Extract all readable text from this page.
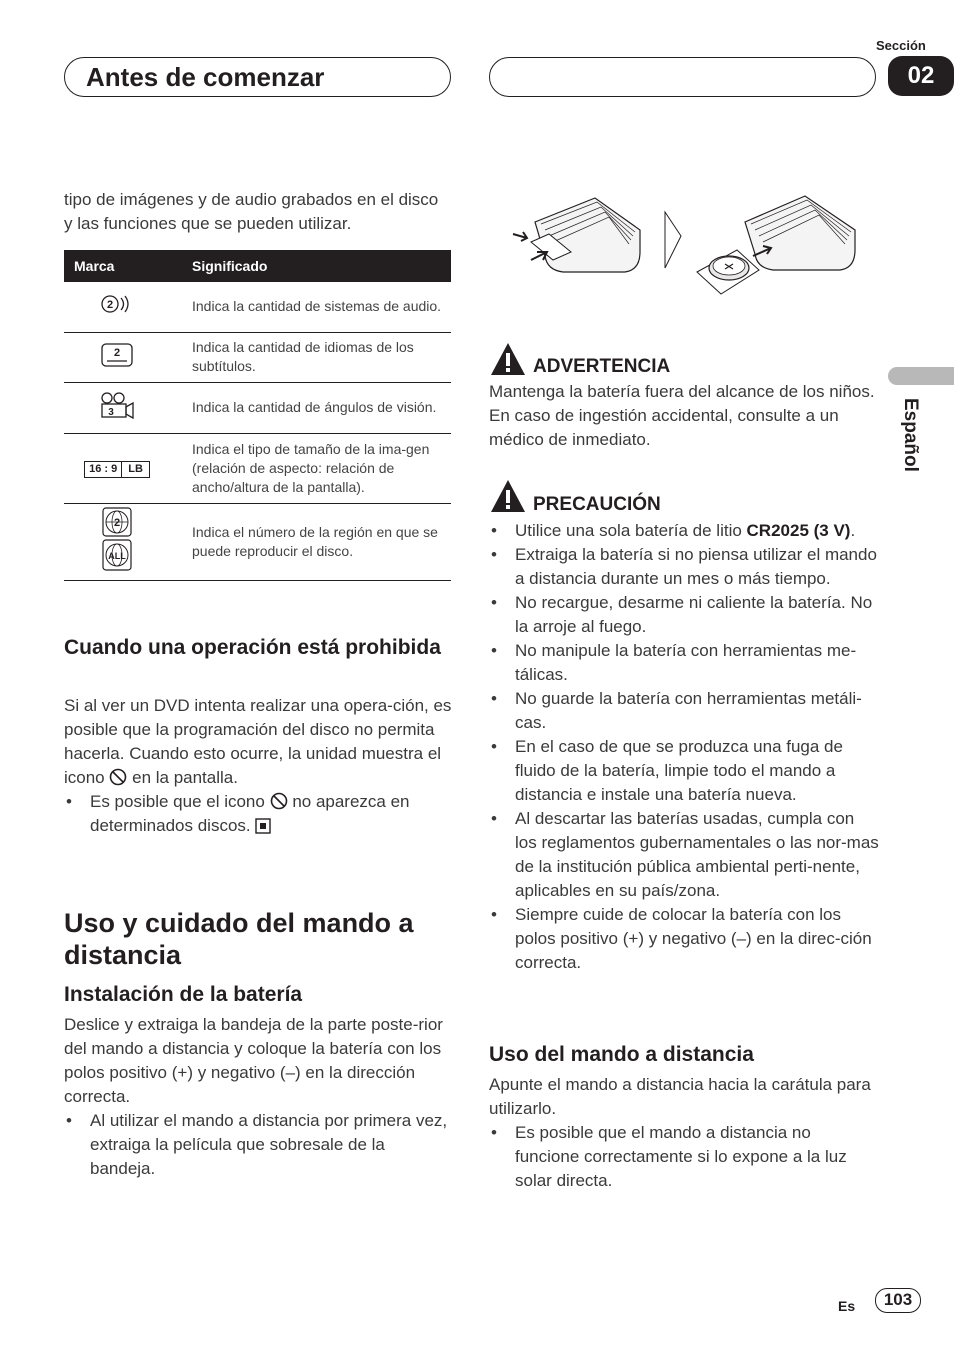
Antes de comenzar
Sección
02
tipo de imágenes y de audio grabados en el disco y las funciones que se pueden utilizar.
Marca	Significado

2	Indica la cantidad de sistemas de audio.

2	Indica la cantidad de idiomas de los subtítulos.

3	Indica la cantidad de ángulos de visión.

16 : 9 LB	Indica el tipo de tamaño de la ima-gen (relación de aspecto: relación de ancho/altura de la pantalla).

2
ALL	Indica el número de la región en que se puede reproducir el disco.
Cuando una operación está prohibida

Si al ver un DVD intenta realizar una opera-ción, es posible que la programación del disco no permita hacerla. Cuando esto ocurre, la unidad muestra el icono en la pantalla.

• Es posible que el icono no aparezca en determinados discos.
Uso y cuidado del mando a distancia
Instalación de la batería

Deslice y extraiga la bandeja de la parte poste-rior del mando a distancia y coloque la batería con los polos positivo (+) y negativo (–) en la dirección correcta.

• Al utilizar el mando a distancia por primera vez, extraiga la película que sobresale de la bandeja.
ADVERTENCIA
Mantenga la batería fuera del alcance de los niños. En caso de ingestión accidental, consulte a un médico de inmediato.
PRECAUCIÓN
• Utilice una sola batería de litio CR2025 (3 V).
• Extraiga la batería si no piensa utilizar el mando a distancia durante un mes o más tiempo.
• No recargue, desarme ni caliente la batería. No la arroje al fuego.
• No manipule la batería con herramientas me-tálicas.
• No guarde la batería con herramientas metáli-cas.
• En el caso de que se produzca una fuga de fluido de la batería, limpie todo el mando a distancia e instale una batería nueva.
• Al descartar las baterías usadas, cumpla con los reglamentos gubernamentales o las nor-mas de la institución pública ambiental perti-nente, aplicables en su país/zona.
• Siempre cuide de colocar la batería con los polos positivo (+) y negativo (–) en la direc-ción correcta.
Uso del mando a distancia

Apunte el mando a distancia hacia la carátula para utilizarlo.

• Es posible que el mando a distancia no funcione correctamente si lo expone a la luz solar directa.
Español
Es	103
